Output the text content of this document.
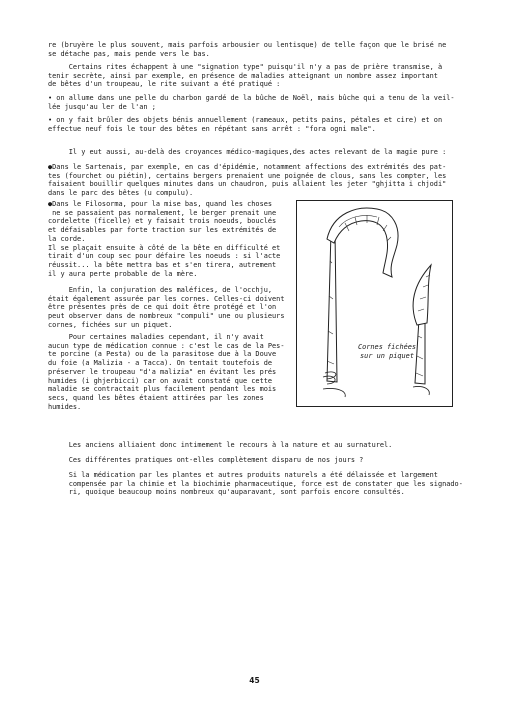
re (bruyère le plus souvent, mais parfois arbousier ou lentisque) de telle façon que le brisé ne
se détache pas, mais pende vers le bas.

Certains rites échappent à une "signation type" puisqu'il n'y a pas de prière transmise, à
tenir secrète, ainsi par exemple, en présence de maladies atteignant un nombre assez important
de bêtes d'un troupeau, le rite suivant a été pratiqué :

• on allume dans une pelle du charbon gardé de la bûche de Noël, mais bûche qui a tenu de la veil-
lée jusqu'au ler de l'an ;

• on y fait brûler des objets bénis annuellement (rameaux, petits pains, pétales et cire) et on
effectue neuf fois le tour des bêtes en répétant sans arrêt : "fora ogni male".

Il y eut aussi, au-delà des croyances médico-magiques,des actes relevant de la magie pure :

●Dans le Sartenais, par exemple, en cas d'épidémie, notamment affections des extrémités des pat-
tes (fourchet ou piétin), certains bergers prenaient une poignée de clous, sans les compter, les
faisaient bouillir quelques minutes dans un chaudron, puis allaient les jeter "ghjitta i chjodi"
dans le parc des bêtes (u compulu).

●Dans le Filosorma, pour la mise bas, quand les choses
ne se passaient pas normalement, le berger prenait une
cordelette (ficelle) et y faisait trois noeuds, bouclés
et défaisables par forte traction sur les extrémités de
la corde.
Il se plaçait ensuite à côté de la bête en difficulté et
tirait d'un coup sec pour défaire les noeuds : si l'acte
réussit... la bête mettra bas et s'en tirera, autrement
il y aura perte probable de la mère.

Enfin, la conjuration des maléfices, de l'occhju,
était également assurée par les cornes. Celles-ci doivent
être présentes près de ce qui doit être protégé et l'on
peut observer dans de nombreux "compuli" une ou plusieurs
cornes, fichées sur un piquet.

Pour certaines maladies cependant, il n'y avait
aucun type de médication connue : c'est le cas de la Pes-
te porcine (a Pesta) ou de la parasitose due à la Douve
du foie (a Malizia - a Tacca). On tentait toutefois de
préserver le troupeau "d'a malizia" en évitant les prés
humides (i ghjerbicci) car on avait constaté que cette
maladie se contractait plus facilement pendant les mois
secs, quand les bêtes étaient attirées par les zones
humides.

Cornes fichées
sur un piquet

Les anciens alliaient donc intimement le recours à la nature et au surnaturel.

Ces différentes pratiques ont-elles complètement disparu de nos jours ?

Si la médication par les plantes et autres produits naturels a été délaissée et largement
compensée par la chimie et la biochimie pharmaceutique, force est de constater que les signado-
ri, quoique beaucoup moins nombreux qu'auparavant, sont parfois encore consultés.

45
